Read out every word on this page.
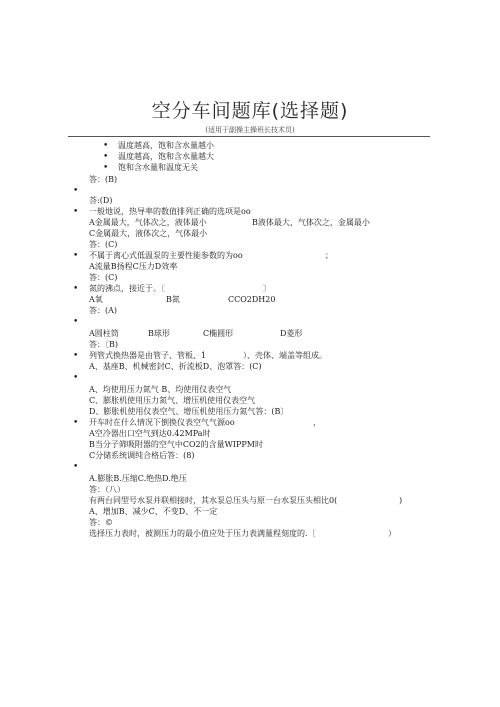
空分车间题库(选择题)
(适用于副操主操班长技术员)
• 温度越高，饱和含水量越小
• 温度越高，饱和含水量越大
• 饱和含水量和温度无关
答：(B)
•
荅:(D)
• 一般地说，热导率的数值排列正确的选项是oo
A金属最大，气体次之，液体最小	B液体最大，气体次之，金属最小
C金属最大，液体次之，气体最小
答：(C)
• 不属于离心式低温泵的主要性能参数的为oo	；
A流量B扬程C压力D效率
答：(C)
• 氮的沸点，接近于。〔	〕
A氧	B氮	CCO2DH20
答：(A)
•
A圆柱筒	B球形	C椭圆形	D菱形
答：〔B)
• 列管式换热器是由管子、管板、1	）、壳体、端盖等组成。
A、基座B、机械密封C、折流板D、泡罩答：(C)
•
A、均使用压力氮气 B、均使用仪表空气
C、膨胀机使用压力氮气、增压机使用仪表空气
D、膨胀机使用仪表空气、增压机使用压力氮气答：(B〕
• 开车时在什么情况下倒换仪表空气气源oo	，
A空冷器出口空气到达0.42MPa时
B当分子筛吸附器的空气中CO2的含量WIPPM时
C分储系统调纯合格后答：(8)
•
A.膨胀B.压缩C.绝热D.绝压
答：（八）
有两台同型号水泵并联相接时，其水泵总压头与原一台水泵压头相比0(	)
A、增加B、减少C、不变D、不一定
答：©
选择压力表时，被测压力的最小值应处于压力表满量程刻度的.〔	）
